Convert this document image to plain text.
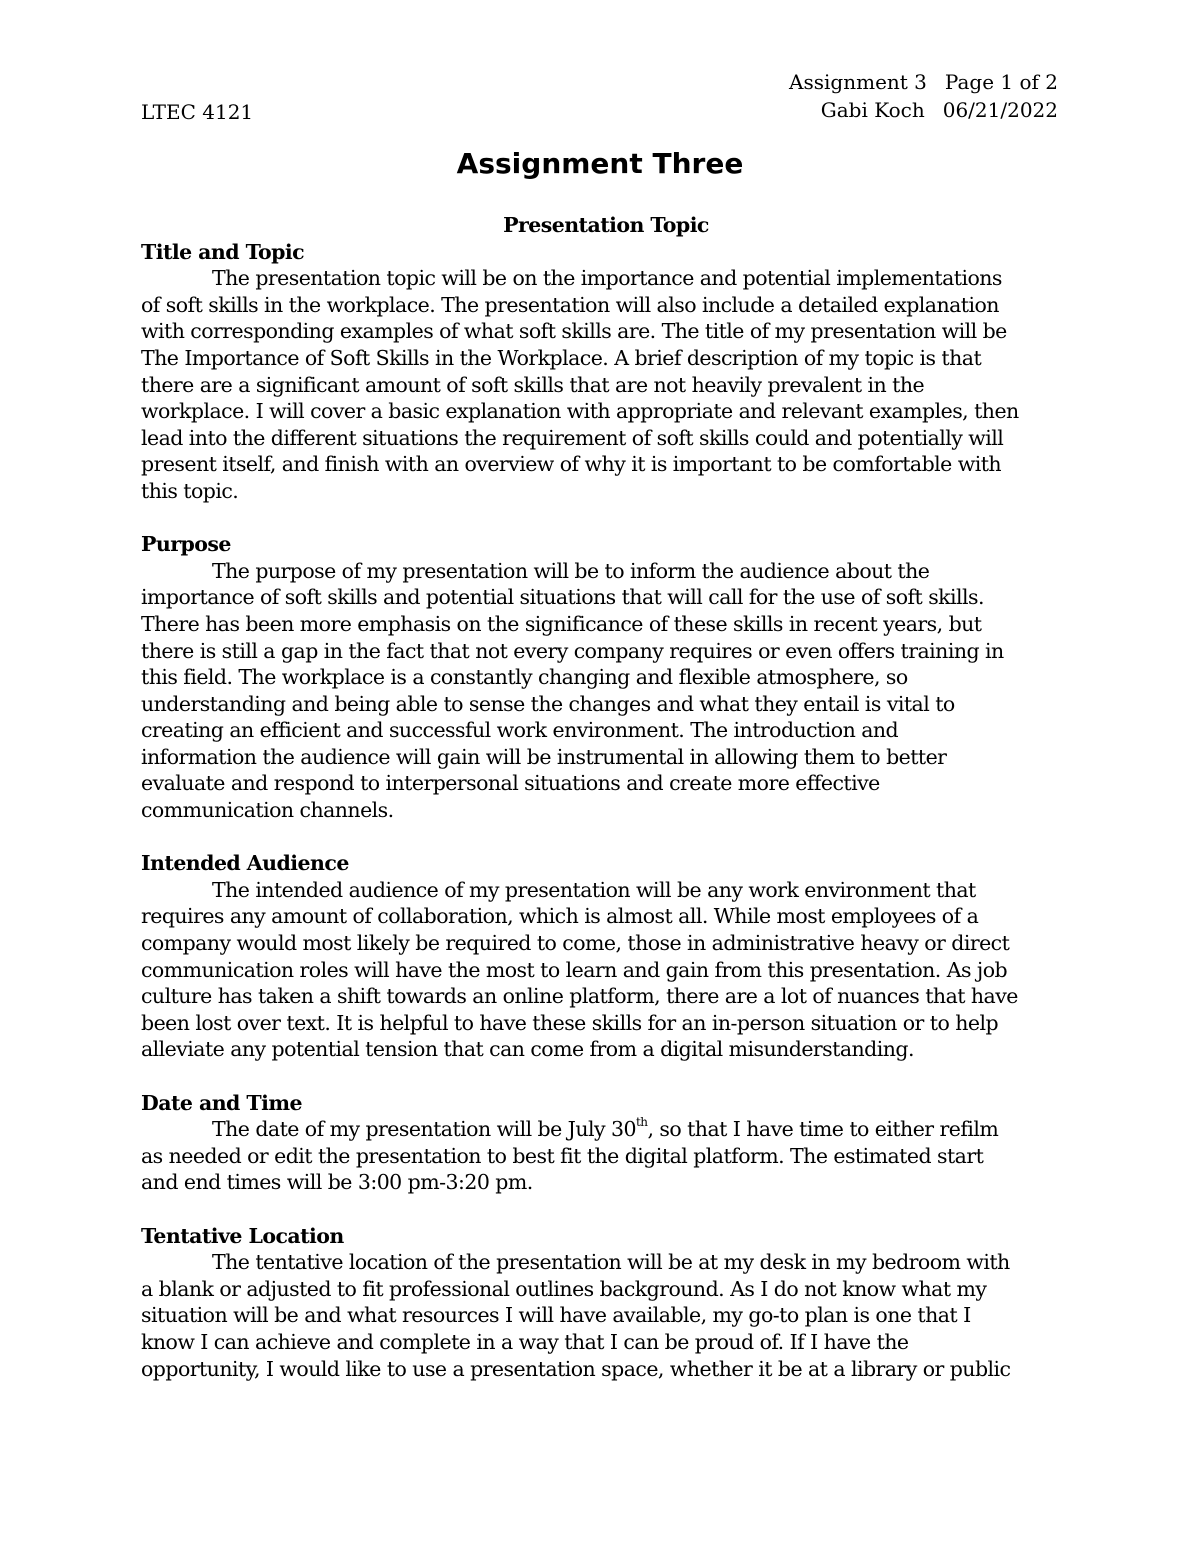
LTEC 4121
Assignment 3 Page 1 of 2
Gabi Koch 06/21/2022
Assignment Three
Presentation Topic
Title and Topic
The presentation topic will be on the importance and potential implementations
of soft skills in the workplace. The presentation will also include a detailed explanation
with corresponding examples of what soft skills are. The title of my presentation will be
The Importance of Soft Skills in the Workplace. A brief description of my topic is that
there are a significant amount of soft skills that are not heavily prevalent in the
workplace. I will cover a basic explanation with appropriate and relevant examples, then
lead into the different situations the requirement of soft skills could and potentially will
present itself, and finish with an overview of why it is important to be comfortable with
this topic.
Purpose
The purpose of my presentation will be to inform the audience about the
importance of soft skills and potential situations that will call for the use of soft skills.
There has been more emphasis on the significance of these skills in recent years, but
there is still a gap in the fact that not every company requires or even offers training in
this field. The workplace is a constantly changing and flexible atmosphere, so
understanding and being able to sense the changes and what they entail is vital to
creating an efficient and successful work environment. The introduction and
information the audience will gain will be instrumental in allowing them to better
evaluate and respond to interpersonal situations and create more effective
communication channels.
Intended Audience
The intended audience of my presentation will be any work environment that
requires any amount of collaboration, which is almost all. While most employees of a
company would most likely be required to come, those in administrative heavy or direct
communication roles will have the most to learn and gain from this presentation. As job
culture has taken a shift towards an online platform, there are a lot of nuances that have
been lost over text. It is helpful to have these skills for an in-person situation or to help
alleviate any potential tension that can come from a digital misunderstanding.
Date and Time
The date of my presentation will be July 30th, so that I have time to either refilm
as needed or edit the presentation to best fit the digital platform. The estimated start
and end times will be 3:00 pm-3:20 pm.
Tentative Location
The tentative location of the presentation will be at my desk in my bedroom with
a blank or adjusted to fit professional outlines background. As I do not know what my
situation will be and what resources I will have available, my go-to plan is one that I
know I can achieve and complete in a way that I can be proud of. If I have the
opportunity, I would like to use a presentation space, whether it be at a library or public
